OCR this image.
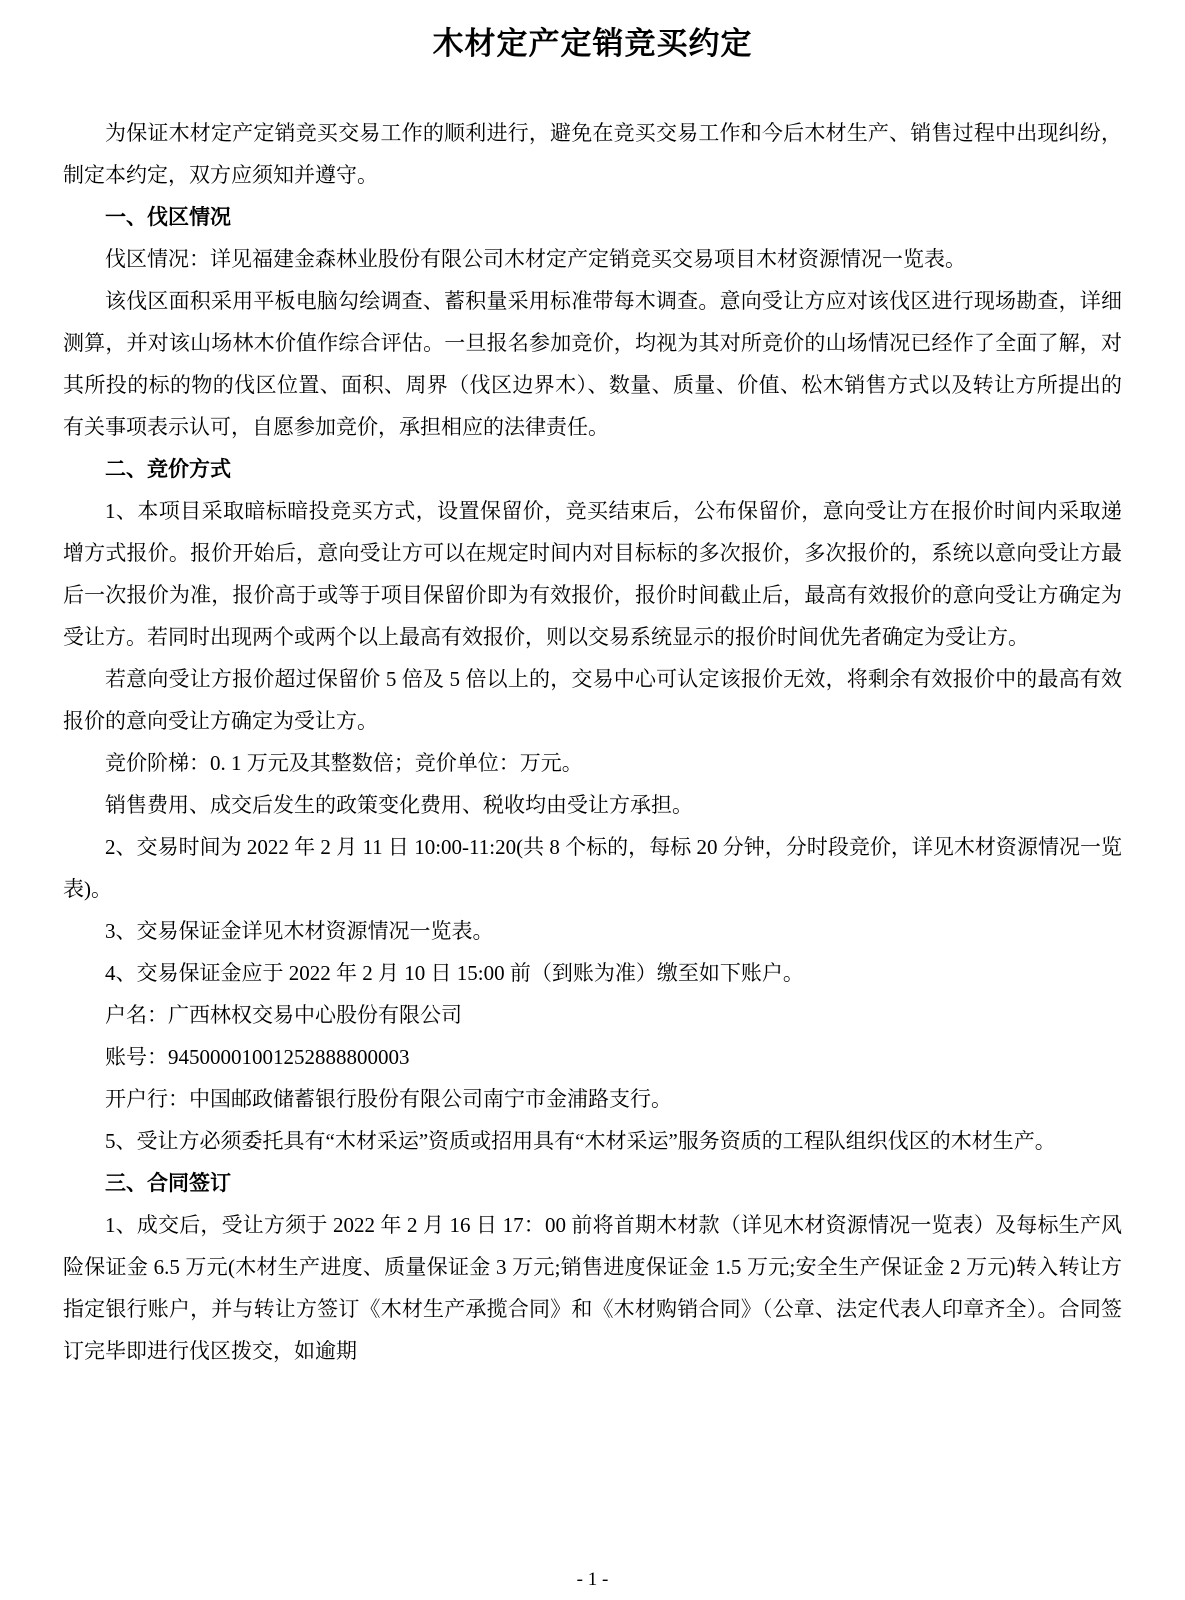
木材定产定销竞买约定

为保证木材定产定销竞买交易工作的顺利进行，避免在竞买交易工作和今后木材生产、销售过程中出现纠纷，制定本约定，双方应须知并遵守。

一、伐区情况

伐区情况：详见福建金森林业股份有限公司木材定产定销竞买交易项目木材资源情况一览表。

该伐区面积采用平板电脑勾绘调查、蓄积量采用标准带每木调查。意向受让方应对该伐区进行现场勘查，详细测算，并对该山场林木价值作综合评估。一旦报名参加竞价，均视为其对所竞价的山场情况已经作了全面了解，对其所投的标的物的伐区位置、面积、周界（伐区边界木）、数量、质量、价值、松木销售方式以及转让方所提出的有关事项表示认可，自愿参加竞价，承担相应的法律责任。

二、竞价方式

1、本项目采取暗标暗投竞买方式，设置保留价，竞买结束后，公布保留价，意向受让方在报价时间内采取递增方式报价。报价开始后，意向受让方可以在规定时间内对目标标的多次报价，多次报价的，系统以意向受让方最后一次报价为准，报价高于或等于项目保留价即为有效报价，报价时间截止后，最高有效报价的意向受让方确定为受让方。若同时出现两个或两个以上最高有效报价，则以交易系统显示的报价时间优先者确定为受让方。

若意向受让方报价超过保留价 5 倍及 5 倍以上的，交易中心可认定该报价无效，将剩余有效报价中的最高有效报价的意向受让方确定为受让方。

竞价阶梯：0. 1 万元及其整数倍；竞价单位：万元。

销售费用、成交后发生的政策变化费用、税收均由受让方承担。

2、交易时间为 2022 年 2 月 11 日 10:00-11:20(共 8 个标的，每标 20 分钟，分时段竞价，详见木材资源情况一览表)。

3、交易保证金详见木材资源情况一览表。

4、交易保证金应于 2022 年 2 月 10 日 15:00 前（到账为准）缴至如下账户。

户名：广西林权交易中心股份有限公司

账号：94500001001252888800003

开户行：中国邮政储蓄银行股份有限公司南宁市金浦路支行。

5、受让方必须委托具有“木材采运”资质或招用具有“木材采运”服务资质的工程队组织伐区的木材生产。

三、合同签订

1、成交后，受让方须于 2022 年 2 月 16 日 17：00 前将首期木材款（详见木材资源情况一览表）及每标生产风险保证金 6.5 万元(木材生产进度、质量保证金 3 万元;销售进度保证金 1.5 万元;安全生产保证金 2 万元)转入转让方指定银行账户，并与转让方签订《木材生产承揽合同》和《木材购销合同》（公章、法定代表人印章齐全）。合同签订完毕即进行伐区拨交，如逾期

- 1 -
